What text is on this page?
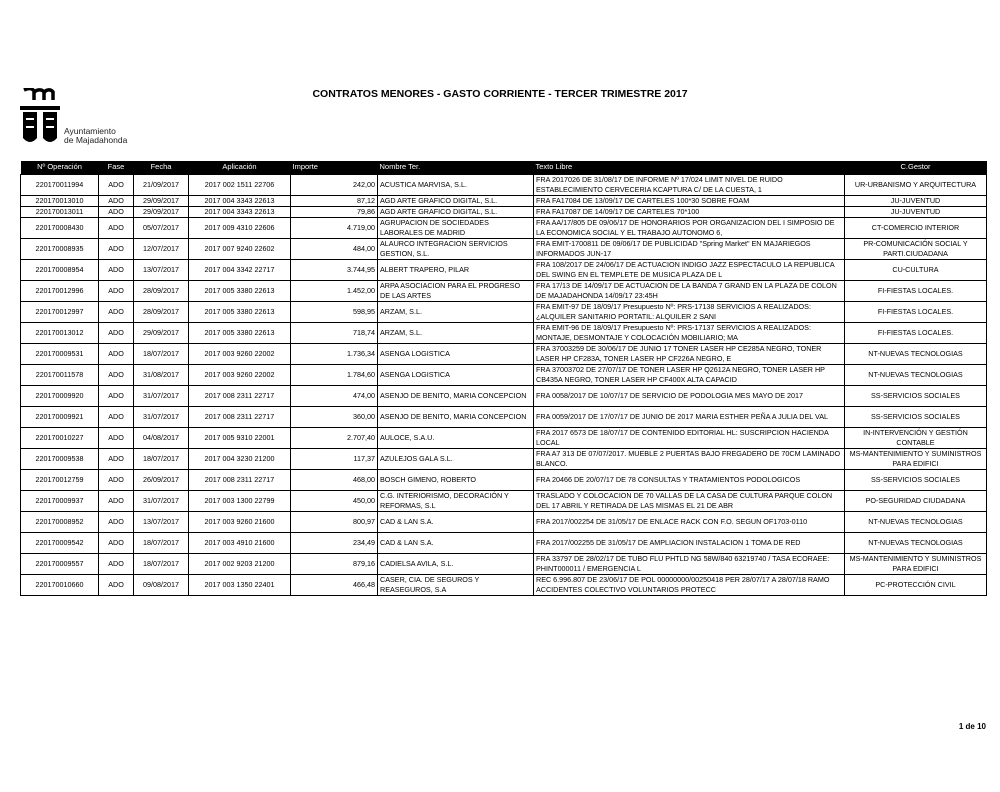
Ayuntamiento
de Majadahonda
CONTRATOS MENORES - GASTO CORRIENTE - TERCER TRIMESTRE 2017
Nº Operación	Fase	Fecha	Aplicación	Importe	Nombre Ter.	Texto Libre	C.Gestor
220170011994	ADO	21/09/2017	2017 002 1511 22706	242,00	ACUSTICA MARVISA, S.L.	FRA 2017026 DE 31/08/17 DE INFORME Nº 17/024 LIMIT NIVEL DE RUIDO ESTABLECIMIENTO CERVECERIA KCAPTURA C/ DE LA CUESTA, 1	UR-URBANISMO Y ARQUITECTURA
220170013010	ADO	29/09/2017	2017 004 3343 22613	87,12	AGD ARTE GRAFICO DIGITAL, S.L.	FRA FA17084 DE 13/09/17 DE CARTELES 100*30 SOBRE FOAM	JU-JUVENTUD
220170013011	ADO	29/09/2017	2017 004 3343 22613	79,86	AGD ARTE GRAFICO DIGITAL, S.L.	FRA FA17087 DE 14/09/17 DE CARTELES 70*100	JU-JUVENTUD
220170008430	ADO	05/07/2017	2017 009 4310 22606	4.719,00	AGRUPACION DE SOCIEDADES LABORALES DE MADRID	FRA AA/17/805 DE 09/06/17 DE HONORARIOS POR ORGANIZACION DEL I SIMPOSIO DE LA ECONOMICA SOCIAL Y EL TRABAJO AUTONOMO 6,	CT-COMERCIO INTERIOR
220170008935	ADO	12/07/2017	2017 007 9240 22602	484,00	ALAURCO INTEGRACION SERVICIOS GESTION, S.L.	FRA EMIT-1700811 DE 09/06/17 DE PUBLICIDAD "Spring Market" EN MAJARIEGOS INFORMADOS JUN-17	PR-COMUNICACIÓN SOCIAL Y PARTI.CIUDADANA
220170008954	ADO	13/07/2017	2017 004 3342 22717	3.744,95	ALBERT TRAPERO, PILAR	FRA 108/2017 DE 24/06/17 DE ACTUACION INDIGO JAZZ ESPECTACULO LA REPUBLICA DEL SWING EN EL TEMPLETE DE MUSICA PLAZA DE L	CU-CULTURA
220170012996	ADO	28/09/2017	2017 005 3380 22613	1.452,00	ARPA ASOCIACION PARA EL PROGRESO DE LAS ARTES	FRA 17/13 DE 14/09/17 DE ACTUACION DE LA BANDA 7 GRAND EN LA PLAZA DE COLON DE MAJADAHONDA 14/09/17 23:45H	FI-FIESTAS LOCALES.
220170012997	ADO	28/09/2017	2017 005 3380 22613	598,95	ARZAM, S.L.	FRA EMIT-97 DE 18/09/17 Presupuesto Nº: PRS-17138 SERVICIOS A REALIZADOS: ¿ALQUILER SANITARIO PORTATIL: ALQUILER 2 SANI	FI-FIESTAS LOCALES.
220170013012	ADO	29/09/2017	2017 005 3380 22613	718,74	ARZAM, S.L.	FRA EMIT-96 DE 18/09/17 Presupuesto Nº: PRS-17137 SERVICIOS A REALIZADOS: MONTAJE, DESMONTAJE Y COLOCACIÓN MOBILIARIO; MA	FI-FIESTAS LOCALES.
220170009531	ADO	18/07/2017	2017 003 9260 22002	1.736,34	ASENGA LOGISTICA	FRA 37003259 DE 30/06/17 DE JUNIO 17 TONER LASER HP CE285A NEGRO, TONER LASER HP CF283A, TONER LASER HP CF226A NEGRO, E	NT-NUEVAS TECNOLOGIAS
220170011578	ADO	31/08/2017	2017 003 9260 22002	1.784,60	ASENGA LOGISTICA	FRA 37003702 DE 27/07/17 DE TONER LASER HP Q2612A NEGRO, TONER LASER HP CB435A NEGRO, TONER LASER HP CF400X ALTA CAPACID	NT-NUEVAS TECNOLOGIAS
220170009920	ADO	31/07/2017	2017 008 2311 22717	474,00	ASENJO DE BENITO, MARIA CONCEPCION	FRA 0058/2017 DE 10/07/17 DE SERVICIO DE PODOLOGIA MES MAYO DE 2017	SS-SERVICIOS SOCIALES
220170009921	ADO	31/07/2017	2017 008 2311 22717	360,00	ASENJO DE BENITO, MARIA CONCEPCION	FRA 0059/2017 DE 17/07/17 DE JUNIO DE 2017 MARIA ESTHER PEÑA A JULIA DEL VAL	SS-SERVICIOS SOCIALES
220170010227	ADO	04/08/2017	2017 005 9310 22001	2.707,40	AULOCE, S.A.U.	FRA 2017 6573 DE 18/07/17 DE CONTENIDO EDITORIAL HL: SUSCRIPCION HACIENDA LOCAL	IN-INTERVENCIÓN Y GESTIÓN CONTABLE
220170009538	ADO	18/07/2017	2017 004 3230 21200	117,37	AZULEJOS GALA S.L.	FRA A7 313 DE 07/07/2017. MUEBLE 2 PUERTAS BAJO FREGADERO DE 70CM LAMINADO BLANCO.	MS-MANTENIMIENTO Y SUMINISTROS PARA EDIFICI
220170012759	ADO	26/09/2017	2017 008 2311 22717	468,00	BOSCH GIMENO, ROBERTO	FRA 20466 DE 20/07/17 DE 78 CONSULTAS Y TRATAMIENTOS PODOLOGICOS	SS-SERVICIOS SOCIALES
220170009937	ADO	31/07/2017	2017 003 1300 22799	450,00	C.G. INTERIORISMO, DECORACIÓN Y REFORMAS, S.L	TRASLADO Y COLOCACION DE 70 VALLAS DE LA CASA DE CULTURA PARQUE COLON DEL 17 ABRIL Y RETIRADA DE LAS MISMAS EL 21 DE ABR	PO-SEGURIDAD CIUDADANA
220170008952	ADO	13/07/2017	2017 003 9260 21600	800,97	CAD & LAN S.A.	FRA 2017/002254 DE 31/05/17 DE ENLACE RACK CON F.O. SEGUN OF1703-0110	NT-NUEVAS TECNOLOGIAS
220170009542	ADO	18/07/2017	2017 003 4910 21600	234,49	CAD & LAN S.A.	FRA 2017/002255 DE 31/05/17 DE AMPLIACION INSTALACION 1 TOMA DE RED	NT-NUEVAS TECNOLOGIAS
220170009557	ADO	18/07/2017	2017 002 9203 21200	879,16	CADIELSA AVILA, S.L.	FRA 33797 DE 28/02/17 DE TUBO FLU PHTLD NG 58W/840 63219740 / TASA ECORAEE: PHINT000011 / EMERGENCIA L	MS-MANTENIMIENTO Y SUMINISTROS PARA EDIFICI
220170010660	ADO	09/08/2017	2017 003 1350 22401	466,48	CASER, CIA. DE SEGUROS Y REASEGUROS, S.A	REC 6.996.807 DE 23/06/17 DE POL 00000000/00250418 PER 28/07/17 A 28/07/18 RAMO ACCIDENTES COLECTIVO VOLUNTARIOS PROTECC	PC-PROTECCIÓN CIVIL
1 de 10
